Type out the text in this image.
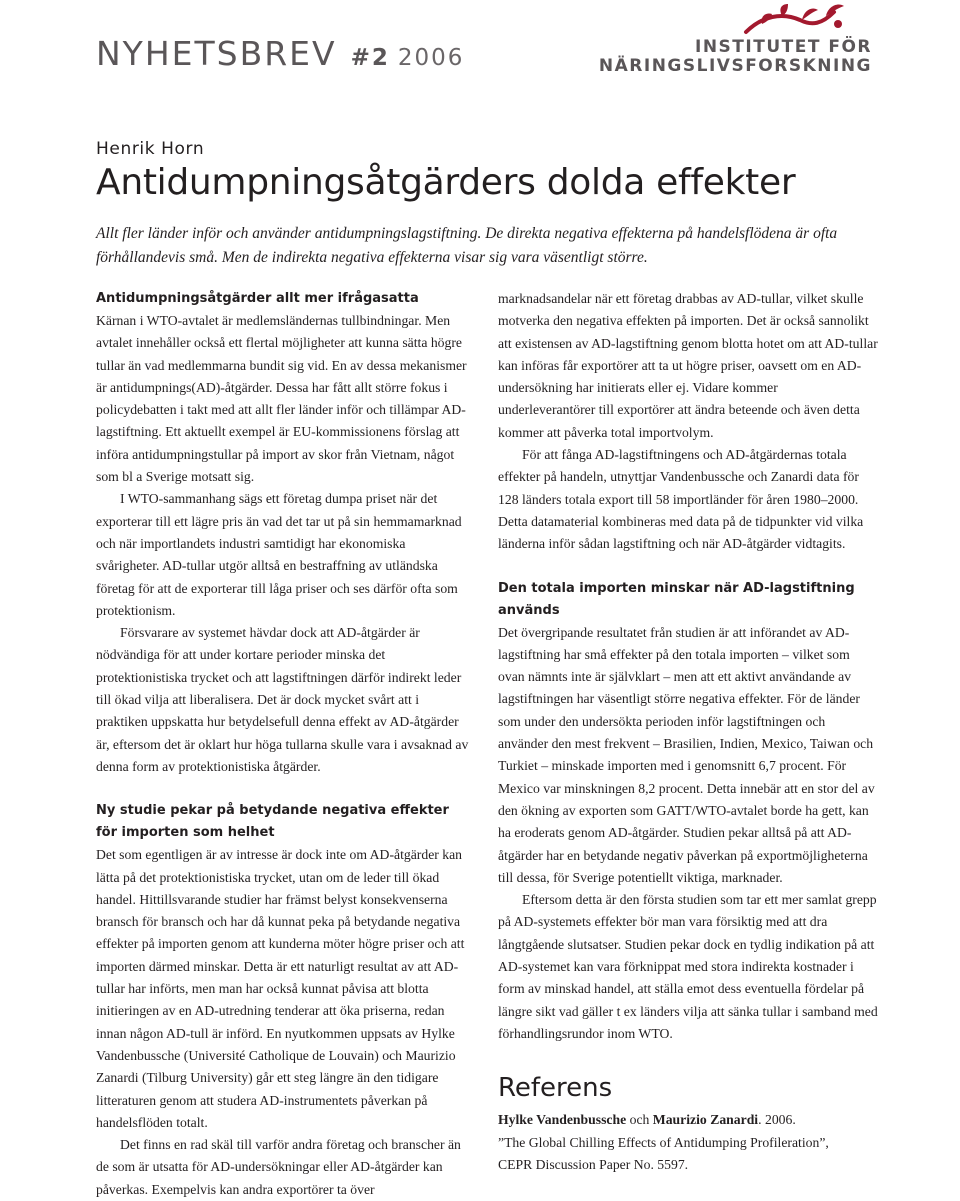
NYHETSBREV #2 2006	INSTITUTET FÖR
NÄRINGSLIVSFORSKNING
Henrik Horn
Antidumpningsåtgärders dolda effekter
Allt fler länder inför och använder antidumpningslagstiftning. De direkta negativa effekterna på handelsflödena är ofta förhållandevis små. Men de indirekta negativa effekterna visar sig vara väsentligt större.
Antidumpningsåtgärder allt mer ifrågasatta

Kärnan i WTO-avtalet är medlemsländernas tullbindningar. Men avtalet innehåller också ett flertal möjligheter att kunna sätta högre tullar än vad medlemmarna bundit sig vid. En av dessa mekanismer är antidumpnings(AD)-åtgärder. Dessa har fått allt större fokus i policydebatten i takt med att allt fler länder inför och tillämpar AD-lagstiftning. Ett aktuellt exempel är EU-kommissionens förslag att införa antidumpningstullar på import av skor från Vietnam, något som bl a Sverige motsatt sig.

I WTO-sammanhang sägs ett företag dumpa priset när det exporterar till ett lägre pris än vad det tar ut på sin hemmamarknad och när importlandets industri samtidigt har ekonomiska svårigheter. AD-tullar utgör alltså en bestraffning av utländska företag för att de exporterar till låga priser och ses därför ofta som protektionism.

Försvarare av systemet hävdar dock att AD-åtgärder är nödvändiga för att under kortare perioder minska det protektionistiska trycket och att lagstiftningen därför indirekt leder till ökad vilja att liberalisera. Det är dock mycket svårt att i praktiken uppskatta hur betydelsefull denna effekt av AD-åtgärder är, eftersom det är oklart hur höga tullarna skulle vara i avsaknad av denna form av protektionistiska åtgärder.

Ny studie pekar på betydande negativa effekter för importen som helhet

Det som egentligen är av intresse är dock inte om AD-åtgärder kan lätta på det protektionistiska trycket, utan om de leder till ökad handel. Hittillsvarande studier har främst belyst konsekvenserna bransch för bransch och har då kunnat peka på betydande negativa effekter på importen genom att kunderna möter högre priser och att importen därmed minskar. Detta är ett naturligt resultat av att AD-tullar har införts, men man har också kunnat påvisa att blotta initieringen av en AD-utredning tenderar att öka priserna, redan innan någon AD-tull är införd. En nyutkommen uppsats av Hylke Vandenbussche (Université Catholique de Louvain) och Maurizio Zanardi (Tilburg University) går ett steg längre än den tidigare litteraturen genom att studera AD-instrumentets påverkan på handelsflöden totalt.

Det finns en rad skäl till varför andra företag och branscher än de som är utsatta för AD-undersökningar eller AD-åtgärder kan påverkas. Exempelvis kan andra exportörer ta över

marknadsandelar när ett företag drabbas av AD-tullar, vilket skulle motverka den negativa effekten på importen. Det är också sannolikt att existensen av AD-lagstiftning genom blotta hotet om att AD-tullar kan införas får exportörer att ta ut högre priser, oavsett om en AD-undersökning har initierats eller ej. Vidare kommer underleverantörer till exportörer att ändra beteende och även detta kommer att påverka total importvolym.

För att fånga AD-lagstiftningens och AD-åtgärdernas totala effekter på handeln, utnyttjar Vandenbussche och Zanardi data för 128 länders totala export till 58 importländer för åren 1980–2000. Detta datamaterial kombineras med data på de tidpunkter vid vilka länderna inför sådan lagstiftning och när AD-åtgärder vidtagits.

Den totala importen minskar när AD-lagstiftning används

Det övergripande resultatet från studien är att införandet av AD-lagstiftning har små effekter på den totala importen – vilket som ovan nämnts inte är självklart – men att ett aktivt användande av lagstiftningen har väsentligt större negativa effekter. För de länder som under den undersökta perioden inför lagstiftningen och använder den mest frekvent – Brasilien, Indien, Mexico, Taiwan och Turkiet – minskade importen med i genomsnitt 6,7 procent. För Mexico var minskningen 8,2 procent. Detta innebär att en stor del av den ökning av exporten som GATT/WTO-avtalet borde ha gett, kan ha eroderats genom AD-åtgärder. Studien pekar alltså på att AD-åtgärder har en betydande negativ påverkan på exportmöjligheterna till dessa, för Sverige potentiellt viktiga, marknader.

Eftersom detta är den första studien som tar ett mer samlat grepp på AD-systemets effekter bör man vara försiktig med att dra långtgående slutsatser. Studien pekar dock en tydlig indikation på att AD-systemet kan vara förknippat med stora indirekta kostnader i form av minskad handel, att ställa emot dess eventuella fördelar på längre sikt vad gäller t ex länders vilja att sänka tullar i samband med förhandlingsrundor inom WTO.

Referens

Hylke Vandenbussche och Maurizio Zanardi. 2006.

”The Global Chilling Effects of Antidumping Profileration”,

CEPR Discussion Paper No. 5597.
